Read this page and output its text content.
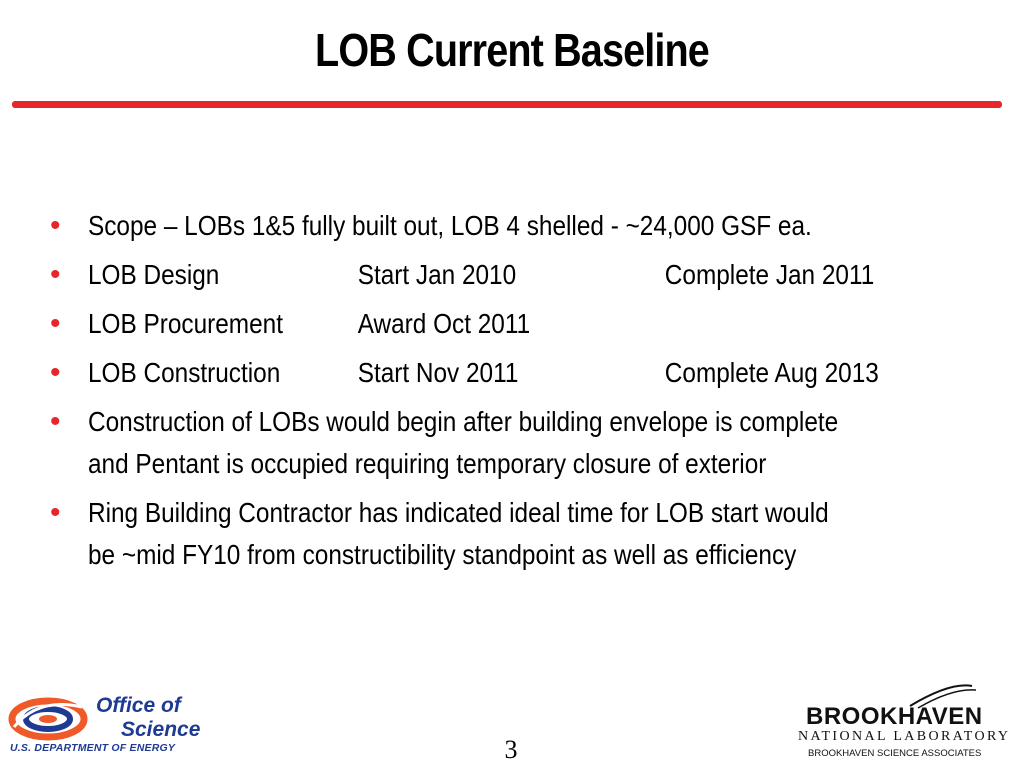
LOB Current Baseline
• Scope – LOBs 1&5 fully built out, LOB 4 shelled - ~24,000 GSF ea.
• LOB Design	Start Jan 2010	Complete Jan 2011
• LOB Procurement	Award Oct 2011
• LOB Construction	Start Nov 2011	Complete Aug 2013
• Construction of LOBs would begin after building envelope is complete
and Pentant is occupied requiring temporary closure of exterior
• Ring Building Contractor has indicated ideal time for LOB start would
be ~mid FY10 from constructibility standpoint as well as efficiency
Office of
Science
U.S. DEPARTMENT OF ENERGY	3
BROOKHAVEN
NATIONAL LABORATORY
BROOKHAVEN SCIENCE ASSOCIATES
